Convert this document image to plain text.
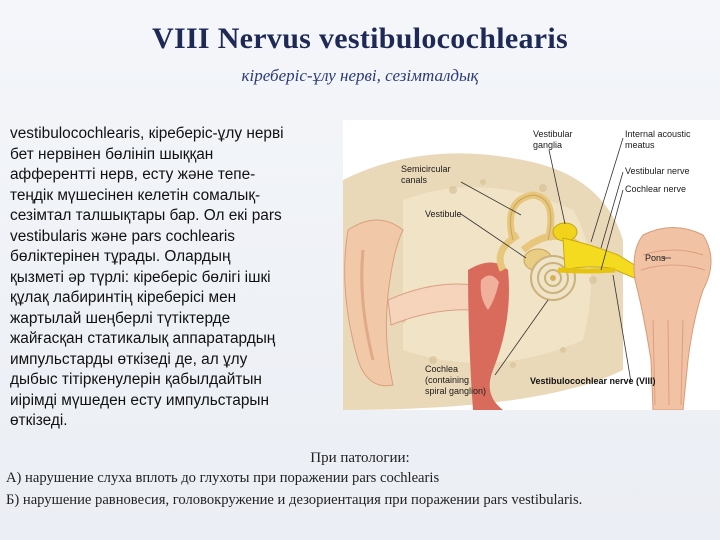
VIII Nervus vestibulocochlearis
кіреберіс-ұлу нерві, сезімталдық
vestibulocochlearis, кіреберіс-ұлу нерві
бет нервінен бөлініп шыққан
афферентті нерв, есту және тепе-
теңдік мүшесінен келетін сомалық-
сезімтал талшықтары бар. Ол екі pars
vestibularis және pars cochlearis
бөліктерінен тұрады. Олардың
қызметі әр түрлі: кіреберіс бөлігі ішкі
құлақ лабиринтің кіреберісі мен
жартылай шеңберлі түтіктерде
жайғасқан статикалық аппаратардың
импульстарды өткізеді де, ал ұлу
дыбыс тітіркенулерін қабылдайтын
иірімді мүшеден есту импульстарын
өткізеді.
Vestibular
ganglia
Internal acoustic
meatus
Vestibular nerve
Cochlear nerve
Semicircular
canals
Vestibule
Pons
Cochlea
(containing
spiral ganglion)
Vestibulocochlear nerve (VIII)
При патологии:
А) нарушение слуха вплоть до глухоты при поражении pars cochlearis
Б) нарушение равновесия, головокружение и дезориентация при поражении pars vestibularis.
